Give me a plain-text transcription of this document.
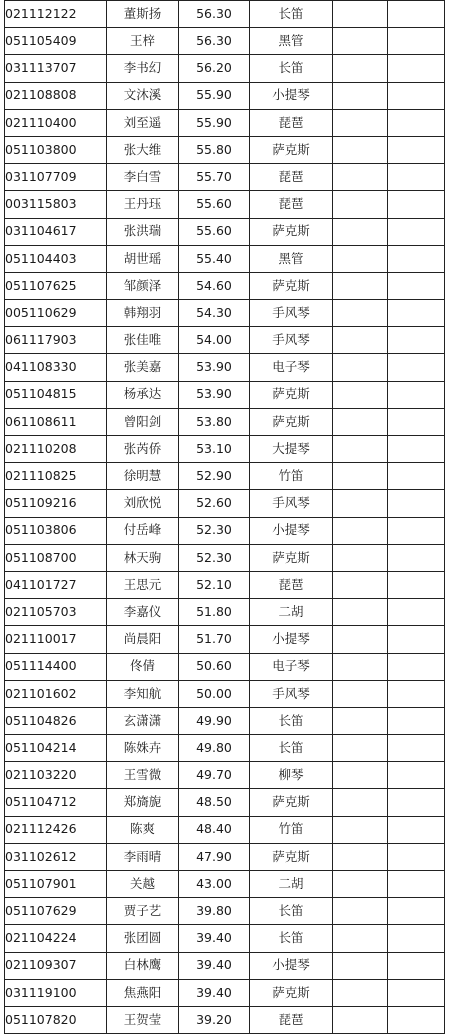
021112122	董斯扬	56.30	长笛		
051105409	王梓	56.30	黑管		
031113707	李书幻	56.20	长笛		
021108808	文沐溪	55.90	小提琴		
021110400	刘至遥	55.90	琵琶		
051103800	张大维	55.80	萨克斯		
031107709	李白雪	55.70	琵琶		
003115803	王丹珏	55.60	琵琶		
031104617	张洪瑞	55.60	萨克斯		
051104403	胡世瑶	55.40	黑管		
051107625	邹颜泽	54.60	萨克斯		
005110629	韩翔羽	54.30	手风琴		
061117903	张佳唯	54.00	手风琴		
041108330	张美嘉	53.90	电子琴		
051104815	杨承达	53.90	萨克斯		
061108611	曾阳剑	53.80	萨克斯		
021110208	张芮侨	53.10	大提琴		
021110825	徐明慧	52.90	竹笛		
051109216	刘欣悦	52.60	手风琴		
051103806	付岳峰	52.30	小提琴		
051108700	林天驹	52.30	萨克斯		
041101727	王思元	52.10	琵琶		
021105703	李嘉仪	51.80	二胡		
021110017	尚晨阳	51.70	小提琴		
051114400	佟倩	50.60	电子琴		
021101602	李知航	50.00	手风琴		
051104826	玄潇潇	49.90	长笛		
051104214	陈姝卉	49.80	长笛		
021103220	王雪微	49.70	柳琴		
051104712	郑旖旎	48.50	萨克斯		
021112426	陈爽	48.40	竹笛		
031102612	李雨晴	47.90	萨克斯		
051107901	关越	43.00	二胡		
051107629	贾子艺	39.80	长笛		
021104224	张团圆	39.40	长笛		
021109307	白林鹰	39.40	小提琴		
031119100	焦燕阳	39.40	萨克斯		
051107820	王贺莹	39.20	琵琶		
